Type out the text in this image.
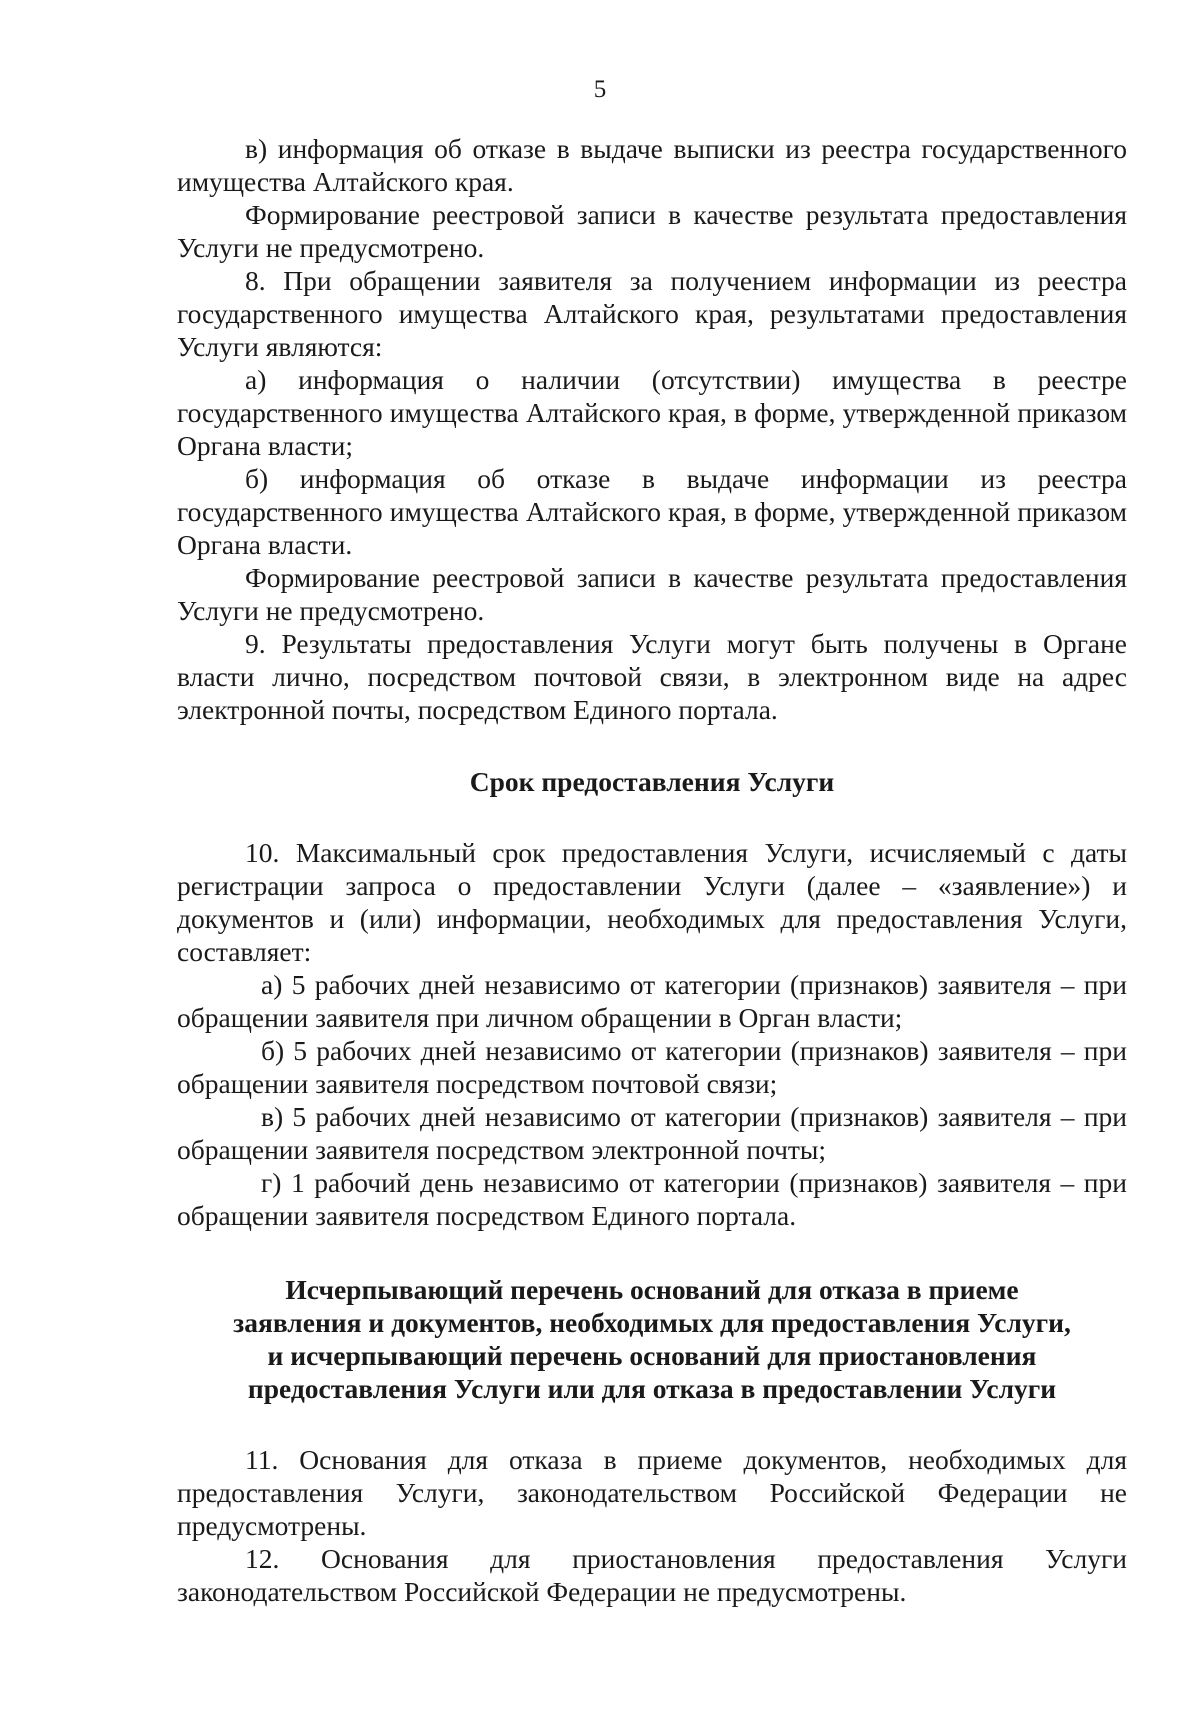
5
в) информация об отказе в выдаче выписки из реестра государственного имущества Алтайского края.
Формирование реестровой записи в качестве результата предоставления Услуги не предусмотрено.
8. При обращении заявителя за получением информации из реестра государственного имущества Алтайского края, результатами предоставления Услуги являются:
а) информация о наличии (отсутствии) имущества в реестре государственного имущества Алтайского края, в форме, утвержденной приказом Органа власти;
б) информация об отказе в выдаче информации из реестра государственного имущества Алтайского края, в форме, утвержденной приказом Органа власти.
Формирование реестровой записи в качестве результата предоставления Услуги не предусмотрено.
9. Результаты предоставления Услуги могут быть получены в Органе власти лично, посредством почтовой связи, в электронном виде на адрес электронной почты, посредством Единого портала.
Срок предоставления Услуги
10. Максимальный срок предоставления Услуги, исчисляемый с даты регистрации запроса о предоставлении Услуги (далее – «заявление») и документов и (или) информации, необходимых для предоставления Услуги, составляет:
а) 5 рабочих дней независимо от категории (признаков) заявителя – при обращении заявителя при личном обращении в Орган власти;
б) 5 рабочих дней независимо от категории (признаков) заявителя – при обращении заявителя посредством почтовой связи;
в) 5 рабочих дней независимо от категории (признаков) заявителя – при обращении заявителя посредством электронной почты;
г) 1 рабочий день независимо от категории (признаков) заявителя – при обращении заявителя посредством Единого портала.
Исчерпывающий перечень оснований для отказа в приеме
заявления и документов, необходимых для предоставления Услуги,
и исчерпывающий перечень оснований для приостановления
предоставления Услуги или для отказа в предоставлении Услуги
11. Основания для отказа в приеме документов, необходимых для предоставления Услуги, законодательством Российской Федерации не предусмотрены.
12. Основания для приостановления предоставления Услуги законодательством Российской Федерации не предусмотрены.
